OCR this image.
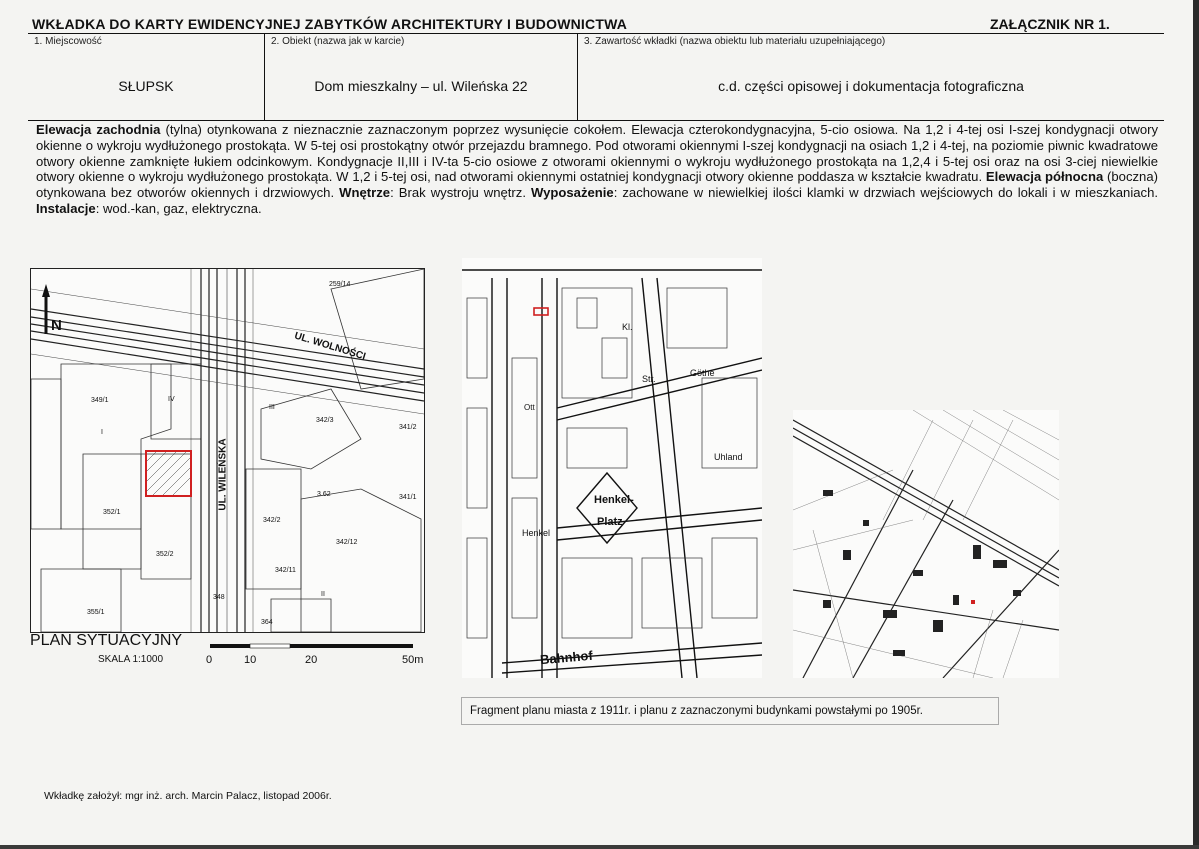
WKŁADKA DO KARTY EWIDENCYJNEJ ZABYTKÓW ARCHITEKTURY I BUDOWNICTWA	ZAŁĄCZNIK NR 1.
1. Miejscowość
SŁUPSK
2. Obiekt (nazwa jak w karcie)
Dom mieszkalny – ul. Wileńska 22
3. Zawartość wkładki (nazwa obiektu lub materiału uzupełniającego)
c.d. części opisowej i dokumentacja fotograficzna
Elewacja zachodnia (tylna) otynkowana z nieznacznie zaznaczonym poprzez wysunięcie cokołem. Elewacja czterokondygnacyjna, 5-cio osiowa. Na 1,2 i 4-tej osi I-szej kondygnacji otwory okienne o wykroju wydłużonego prostokąta. W 5-tej osi prostokątny otwór przejazdu bramnego. Pod otworami okiennymi I-szej kondygnacji na osiach 1,2 i 4-tej, na poziomie piwnic kwadratowe otwory okienne zamknięte łukiem odcinkowym. Kondygnacje II,III i IV-ta 5-cio osiowe z otworami okiennymi o wykroju wydłużonego prostokąta na 1,2,4 i 5-tej osi oraz na osi 3-ciej niewielkie otwory okienne o wykroju wydłużonego prostokąta. W 1,2 i 5-tej osi, nad otworami okiennymi ostatniej kondygnacji otwory okienne poddasza w kształcie kwadratu. Elewacja północna (boczna) otynkowana bez otworów okiennych i drzwiowych. Wnętrze: Brak wystroju wnętrz. Wyposażenie: zachowane w niewielkiej ilości klamki w drzwiach wejściowych do lokali i w mieszkaniach. Instalacje: wod.-kan, gaz, elektryczna.
N
UL. WOLNOŚCI
UL. WILEŃSKA
349/1
352/1
352/2
342/3
341/2
342/2
341/1
355/1
259/14
348
364
342/11
342/12
3.62
IV
III
II
I
PLAN SYTUACYJNY
SKALA 1:1000	0	10	20	50m
Henkel-
Platz
Str.
Göthe
Uhland
Bahnhof
Henkel
Kl.
Ott
Fragment planu miasta z 1911r. i planu z zaznaczonymi budynkami powstałymi po 1905r.
Wkładkę założył: mgr inż. arch. Marcin Palacz, listopad 2006r.
